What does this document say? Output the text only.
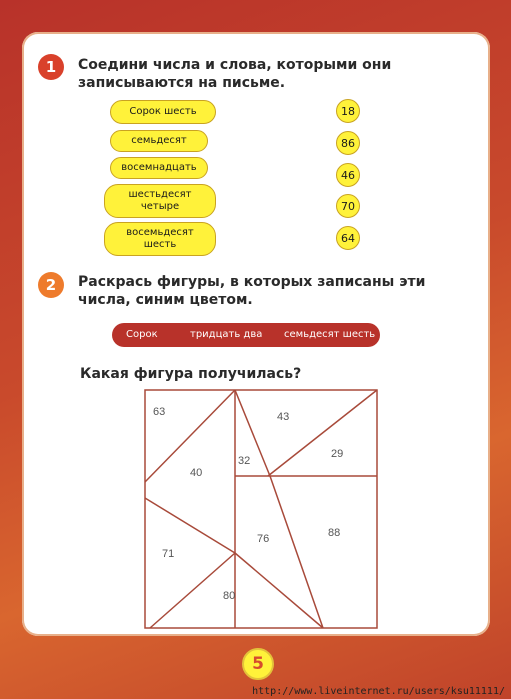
1	Соедини числа и слова, которыми они записываются на письме.
Сорок шесть
семьдесят
восемнадцать
шестьдесят
четыре
восемьдесят
шесть
18
86
46
70
64
2	Раскрась фигуры, в которых записаны эти числа, синим цветом.
Сорок	тридцать два семьдесят шесть
Какая фигура получилась?
63	43
32
29
40
76	88
71
80
5
http://www.liveinternet.ru/users/ksu11111/
